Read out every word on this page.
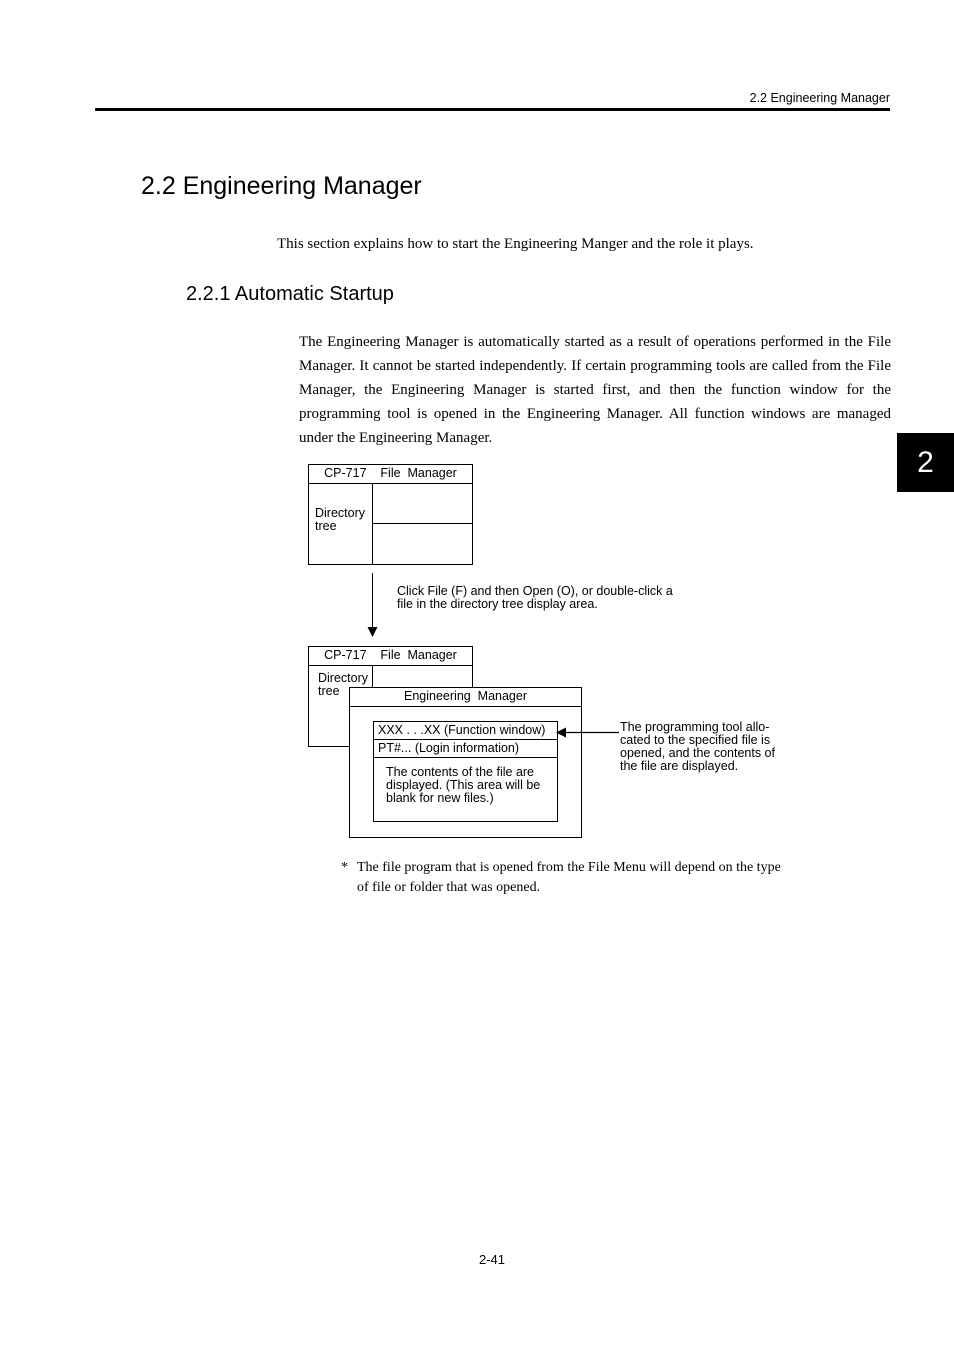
2.2 Engineering Manager
2
2.2 Engineering Manager
This section explains how to start the Engineering Manger and the role it plays.
2.2.1 Automatic Startup

The Engineering Manager is automatically started as a result of operations performed in the File Manager. It cannot be started independently. If certain programming tools are called from the File Manager, the Engineering Manager is started first, and then the function window for the programming tool is opened in the Engineering Manager. All function windows are managed under the Engineering Manager.

CP-717    File  Manager
Directory
tree
Click File (F) and then Open (O), or double-click a
file in the directory tree display area.
CP-717    File  Manager
Directory
tree	Engineering  Manager
XXX . . .XX (Function window)
PT#... (Login information)
The contents of the file are
displayed. (This area will be
blank for new files.)
The programming tool allo-
cated to the specified file is
opened, and the contents of
the file are displayed.
* The file program that is opened from the File Menu will depend on the type of file or folder that was opened.
2-41
